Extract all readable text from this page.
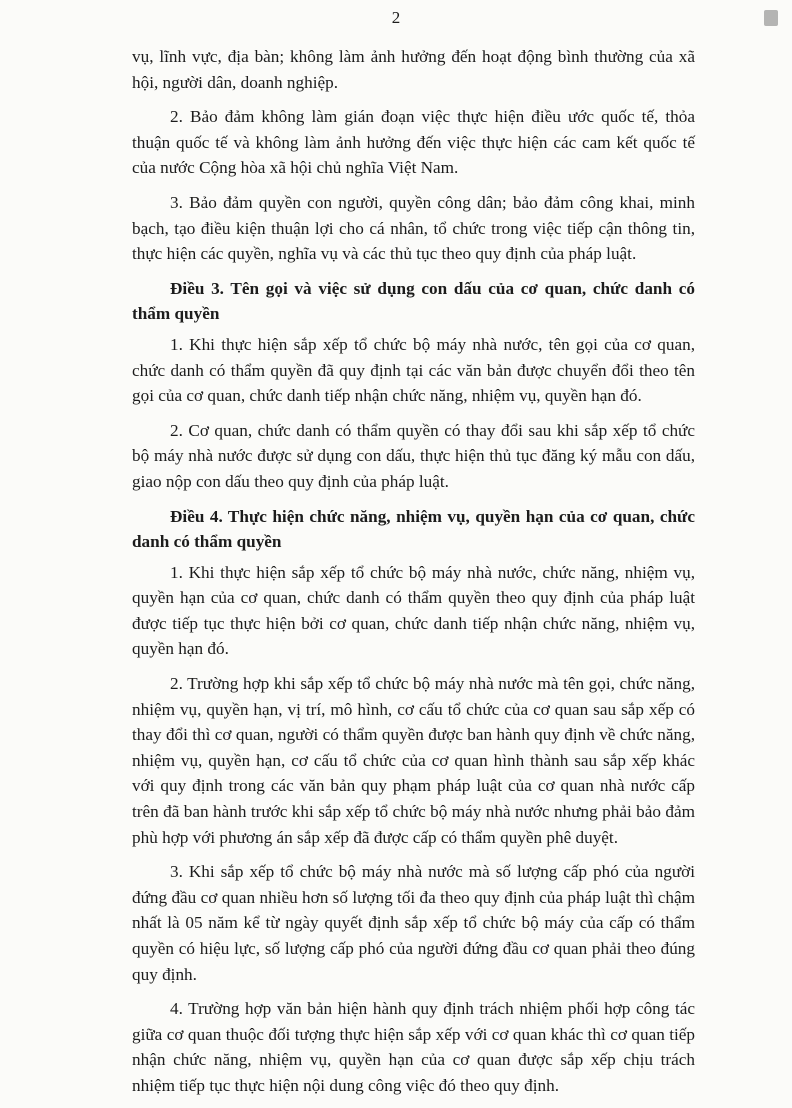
2

vụ, lĩnh vực, địa bàn; không làm ảnh hưởng đến hoạt động bình thường của xã hội, người dân, doanh nghiệp.

2. Bảo đảm không làm gián đoạn việc thực hiện điều ước quốc tế, thỏa thuận quốc tế và không làm ảnh hưởng đến việc thực hiện các cam kết quốc tế của nước Cộng hòa xã hội chủ nghĩa Việt Nam.

3. Bảo đảm quyền con người, quyền công dân; bảo đảm công khai, minh bạch, tạo điều kiện thuận lợi cho cá nhân, tổ chức trong việc tiếp cận thông tin, thực hiện các quyền, nghĩa vụ và các thủ tục theo quy định của pháp luật.

Điều 3. Tên gọi và việc sử dụng con dấu của cơ quan, chức danh có thẩm quyền

1. Khi thực hiện sắp xếp tổ chức bộ máy nhà nước, tên gọi của cơ quan, chức danh có thẩm quyền đã quy định tại các văn bản được chuyển đổi theo tên gọi của cơ quan, chức danh tiếp nhận chức năng, nhiệm vụ, quyền hạn đó.

2. Cơ quan, chức danh có thẩm quyền có thay đổi sau khi sắp xếp tổ chức bộ máy nhà nước được sử dụng con dấu, thực hiện thủ tục đăng ký mẫu con dấu, giao nộp con dấu theo quy định của pháp luật.

Điều 4. Thực hiện chức năng, nhiệm vụ, quyền hạn của cơ quan, chức danh có thẩm quyền

1. Khi thực hiện sắp xếp tổ chức bộ máy nhà nước, chức năng, nhiệm vụ, quyền hạn của cơ quan, chức danh có thẩm quyền theo quy định của pháp luật được tiếp tục thực hiện bởi cơ quan, chức danh tiếp nhận chức năng, nhiệm vụ, quyền hạn đó.

2. Trường hợp khi sắp xếp tổ chức bộ máy nhà nước mà tên gọi, chức năng, nhiệm vụ, quyền hạn, vị trí, mô hình, cơ cấu tổ chức của cơ quan sau sắp xếp có thay đổi thì cơ quan, người có thẩm quyền được ban hành quy định về chức năng, nhiệm vụ, quyền hạn, cơ cấu tổ chức của cơ quan hình thành sau sắp xếp khác với quy định trong các văn bản quy phạm pháp luật của cơ quan nhà nước cấp trên đã ban hành trước khi sắp xếp tổ chức bộ máy nhà nước nhưng phải bảo đảm phù hợp với phương án sắp xếp đã được cấp có thẩm quyền phê duyệt.

3. Khi sắp xếp tổ chức bộ máy nhà nước mà số lượng cấp phó của người đứng đầu cơ quan nhiều hơn số lượng tối đa theo quy định của pháp luật thì chậm nhất là 05 năm kể từ ngày quyết định sắp xếp tổ chức bộ máy của cấp có thẩm quyền có hiệu lực, số lượng cấp phó của người đứng đầu cơ quan phải theo đúng quy định.

4. Trường hợp văn bản hiện hành quy định trách nhiệm phối hợp công tác giữa cơ quan thuộc đối tượng thực hiện sắp xếp với cơ quan khác thì cơ quan tiếp nhận chức năng, nhiệm vụ, quyền hạn của cơ quan được sắp xếp chịu trách nhiệm tiếp tục thực hiện nội dung công việc đó theo quy định.
